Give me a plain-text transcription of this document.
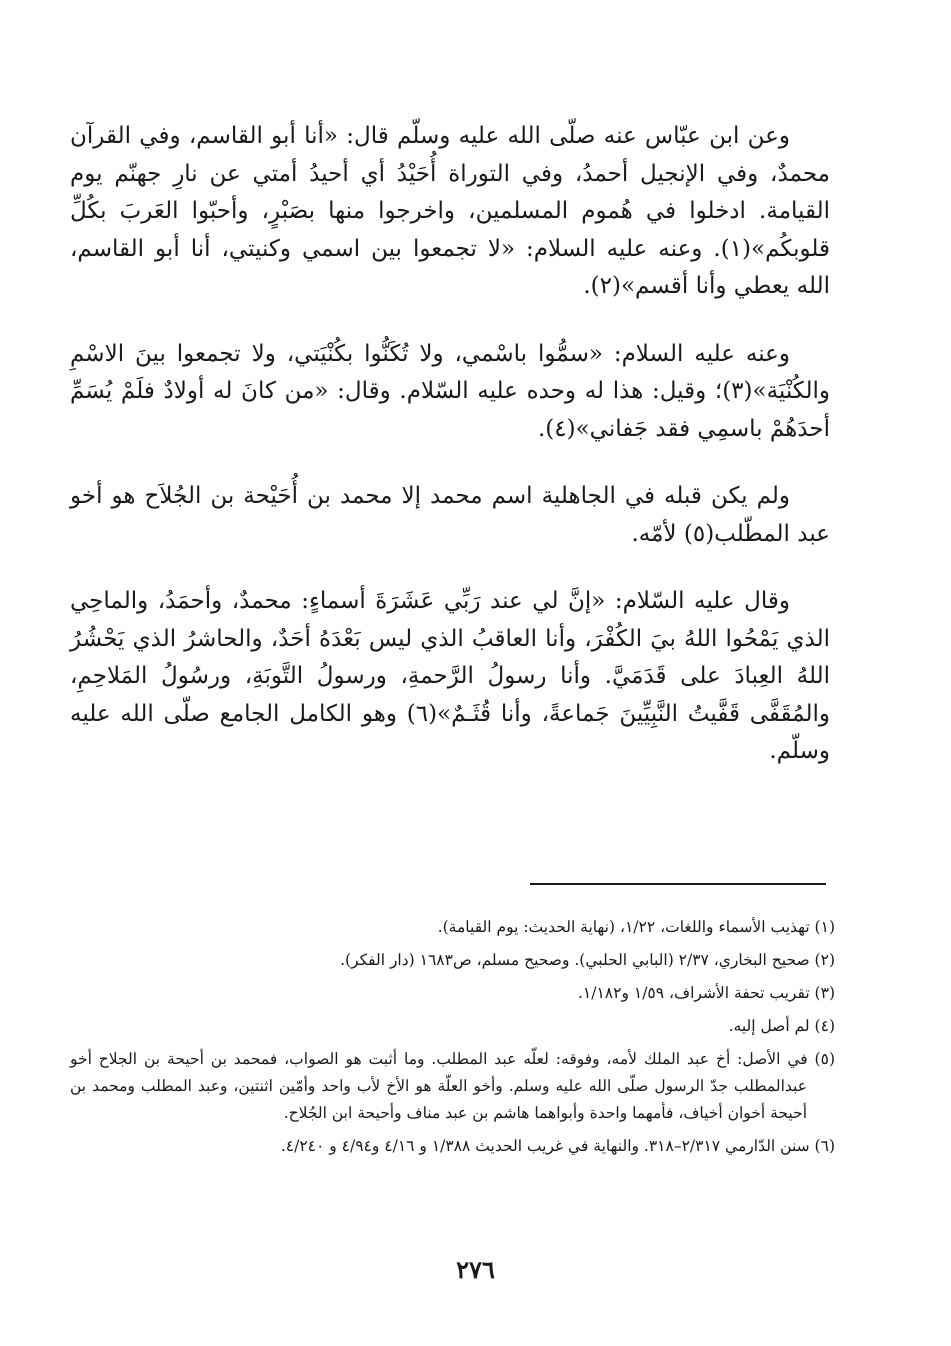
وعن ابن عبّاس عنه صلّى الله عليه وسلّم قال: «أنا أبو القاسم، وفي القرآن محمدٌ، وفي الإنجيل أحمدُ، وفي التوراة أُحَيْدُ أي أحيدُ أمتي عن نارِ جهنّم يوم القيامة. ادخلوا في هُموم المسلمين، واخرجوا منها بصَبْرٍ، وأحبّوا العَربَ بكُلِّ قلوبكُم»(١). وعنه عليه السلام: «لا تجمعوا بين اسمي وكنيتي، أنا أبو القاسم، الله يعطي وأنا أقسم»(٢).

وعنه عليه السلام: «سمُّوا باسْمي، ولا تُكَنُّوا بكُنْيَتي، ولا تجمعوا بينَ الاسْمِ والكُنْيَة»(٣)؛ وقيل: هذا له وحده عليه السّلام. وقال: «من كانَ له أولادٌ فلَمْ يُسَمِّ أحدَهُمْ باسمِي فقد جَفاني»(٤).

ولم يكن قبله في الجاهلية اسم محمد إلا محمد بن أُحَيْحة بن الجُلاَح هو أخو عبد المطّلب(٥) لأمّه.

وقال عليه السّلام: «إنَّ لي عند رَبِّي عَشَرَةَ أسماءٍ: محمدٌ، وأحمَدُ، والماحِي الذي يَمْحُوا اللهُ بيَ الكُفْرَ، وأنا العاقبُ الذي ليس بَعْدَهُ أحَدٌ، والحاشرُ الذي يَحْشُرُ اللهُ العِبادَ على قَدَمَيَّ. وأنا رسولُ الرَّحمةِ، ورسولُ التَّوبَةِ، ورسُولُ المَلاحِمِ، والمُقَفَّى قَفَّيتُ النَّبِيِّينَ جَماعةً، وأنا قُثَـمٌ»(٦) وهو الكامل الجامع صلّى الله عليه وسلّم.

(١) تهذيب الأسماء واللغات، ١/٢٢، (نهاية الحديث: يوم القيامة).

(٢) صحيح البخاري، ٢/٣٧ (البابي الحلبي). وصحيح مسلم، ص١٦٨٣ (دار الفكر).

(٣) تقريب تحفة الأشراف، ١/٥٩ و١/١٨٢.

(٤) لم أصل إليه.

(٥) في الأصل: أخ عبد الملك لأمه، وفوقه: لعلّه عبد المطلب. وما أثبت هو الصواب، فمحمد بن أحيحة بن الجلاح أخو عبدالمطلب جدّ الرسول صلّى الله عليه وسلم. وأخو العلّة هو الأخ لأب واحد وأمّين اثنتين، وعبد المطلب ومحمد بن أحيحة أخوان أخياف، فأمهما واحدة وأبواهما هاشم بن عبد مناف وأحيحة ابن الجُلاح.

(٦) سنن الدّارمي ٢/٣١٧–٣١٨. والنهاية في غريب الحديث ١/٣٨٨ و ٤/١٦ و٤/٩٤ و ٤/٢٤٠.

٢٧٦
